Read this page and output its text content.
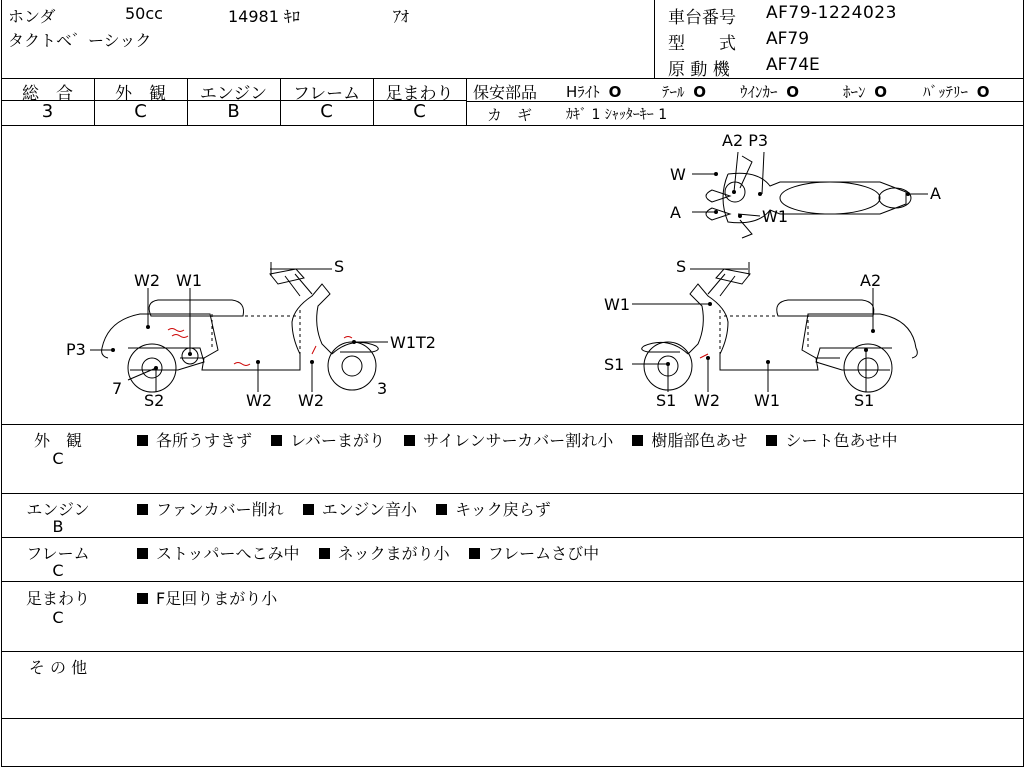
ホンダ	50cc	14981 ｷﾛ	ｱｵ
タクトベ゛ーシック
車台番号 AF79-1224023
型　　式 AF79
原 動 機 AF74E
総　合	外　観	エンジン	フレーム	足まわり
3	C	B	C	C
保安部品 Hﾗｲﾄ O	ﾃｰﾙ O ｳｲﾝｶｰ O	ﾎｰﾝ O ﾊﾞｯﾃﾘｰ O
カ　ギ ｶｷﾞ 1 ｼｬｯﾀｰｷｰ 1
W2 W1
S
P3	W1T2
7
S2	W2 W2
3
S
A2
W1
S1
S1 W2 W1	S1
A2 P3
W
A	W1
A
外　観
C
各所うすきず レバーまがり サイレンサーカバー割れ小 樹脂部色あせ シート色あせ中
エンジン
B
ファンカバー削れ エンジン音小 キック戻らず
フレーム
C
ストッパーへこみ中 ネックまがり小 フレームさび中
足まわり
C
F足回りまがり小
そ の 他
